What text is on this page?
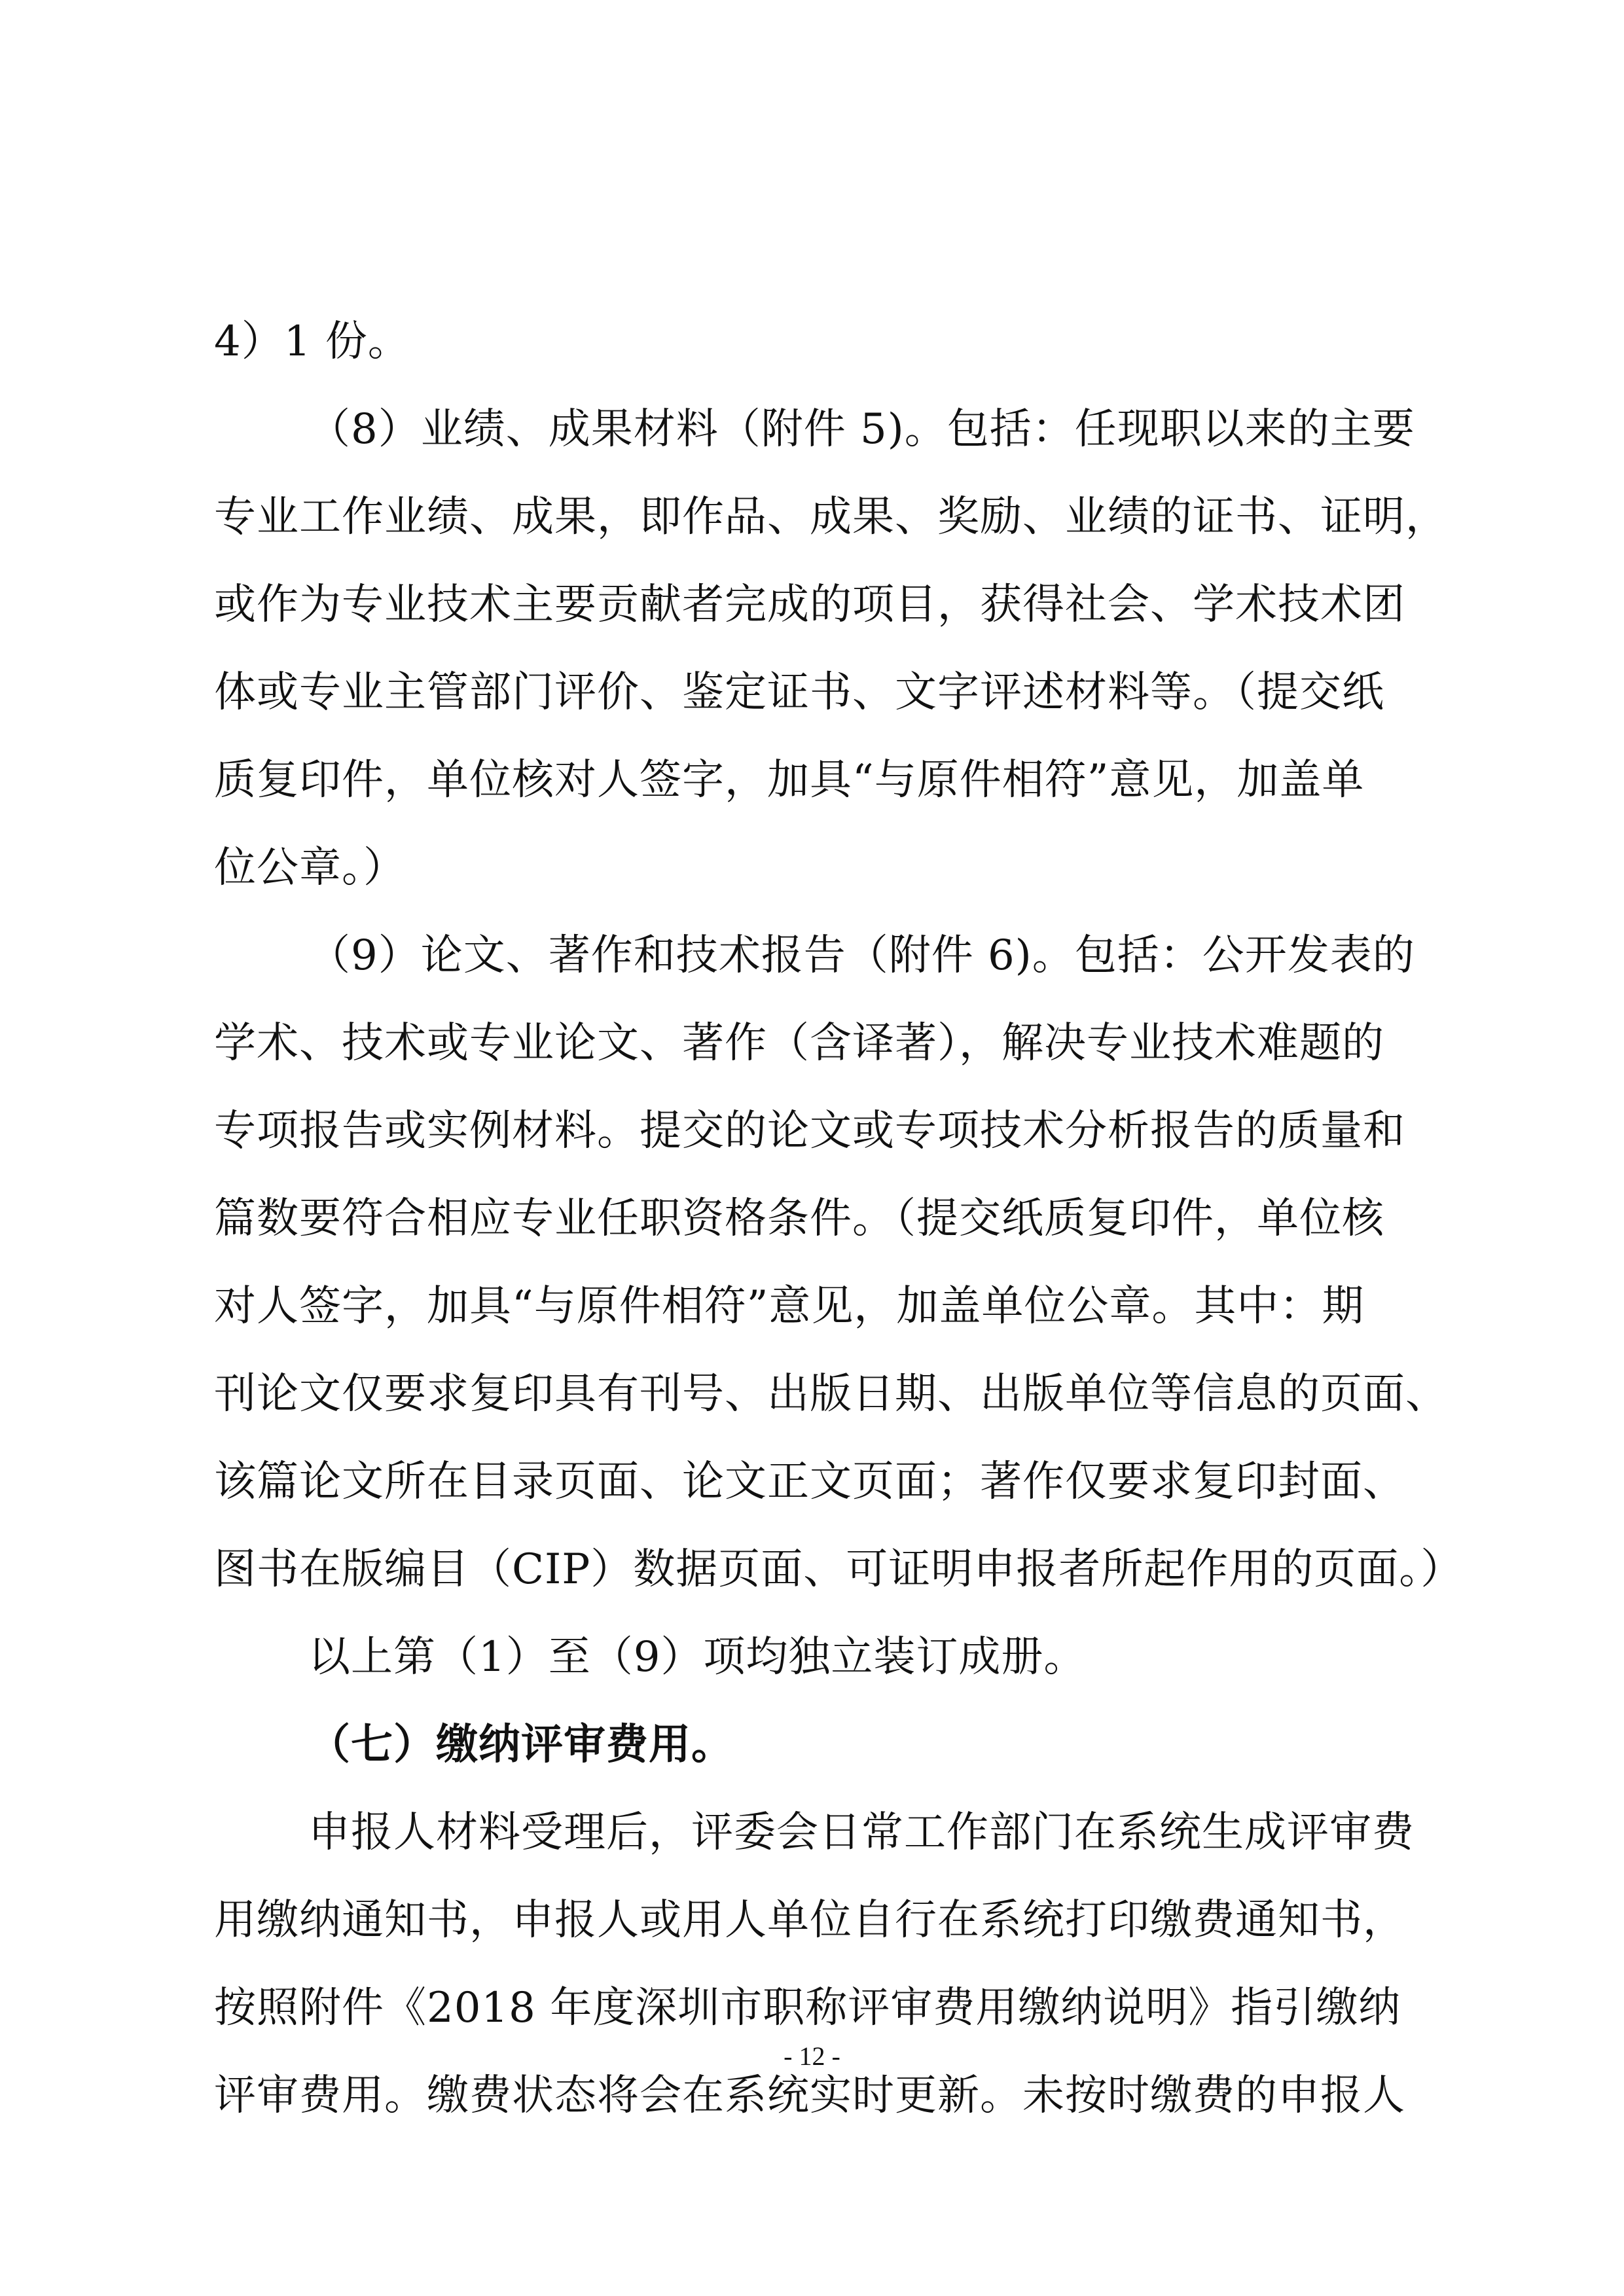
4）1 份。
（8）业绩、成果材料（附件 5)。包括：任现职以来的主要
专业工作业绩、成果，即作品、成果、奖励、业绩的证书、证明，
或作为专业技术主要贡献者完成的项目，获得社会、学术技术团
体或专业主管部门评价、鉴定证书、文字评述材料等。（提交纸
质复印件，单位核对人签字，加具“与原件相符”意见，加盖单
位公章。）
（9）论文、著作和技术报告（附件 6)。包括：公开发表的
学术、技术或专业论文、著作（含译著），解决专业技术难题的
专项报告或实例材料。提交的论文或专项技术分析报告的质量和
篇数要符合相应专业任职资格条件。（提交纸质复印件，单位核
对人签字，加具“与原件相符”意见，加盖单位公章。其中：期
刊论文仅要求复印具有刊号、出版日期、出版单位等信息的页面、
该篇论文所在目录页面、论文正文页面；著作仅要求复印封面、
图书在版编目（CIP）数据页面、可证明申报者所起作用的页面。）
以上第（1）至（9）项均独立装订成册。
（七）缴纳评审费用。
申报人材料受理后，评委会日常工作部门在系统生成评审费
用缴纳通知书，申报人或用人单位自行在系统打印缴费通知书，
按照附件《2018 年度深圳市职称评审费用缴纳说明》指引缴纳
评审费用。缴费状态将会在系统实时更新。未按时缴费的申报人
- 12 -
